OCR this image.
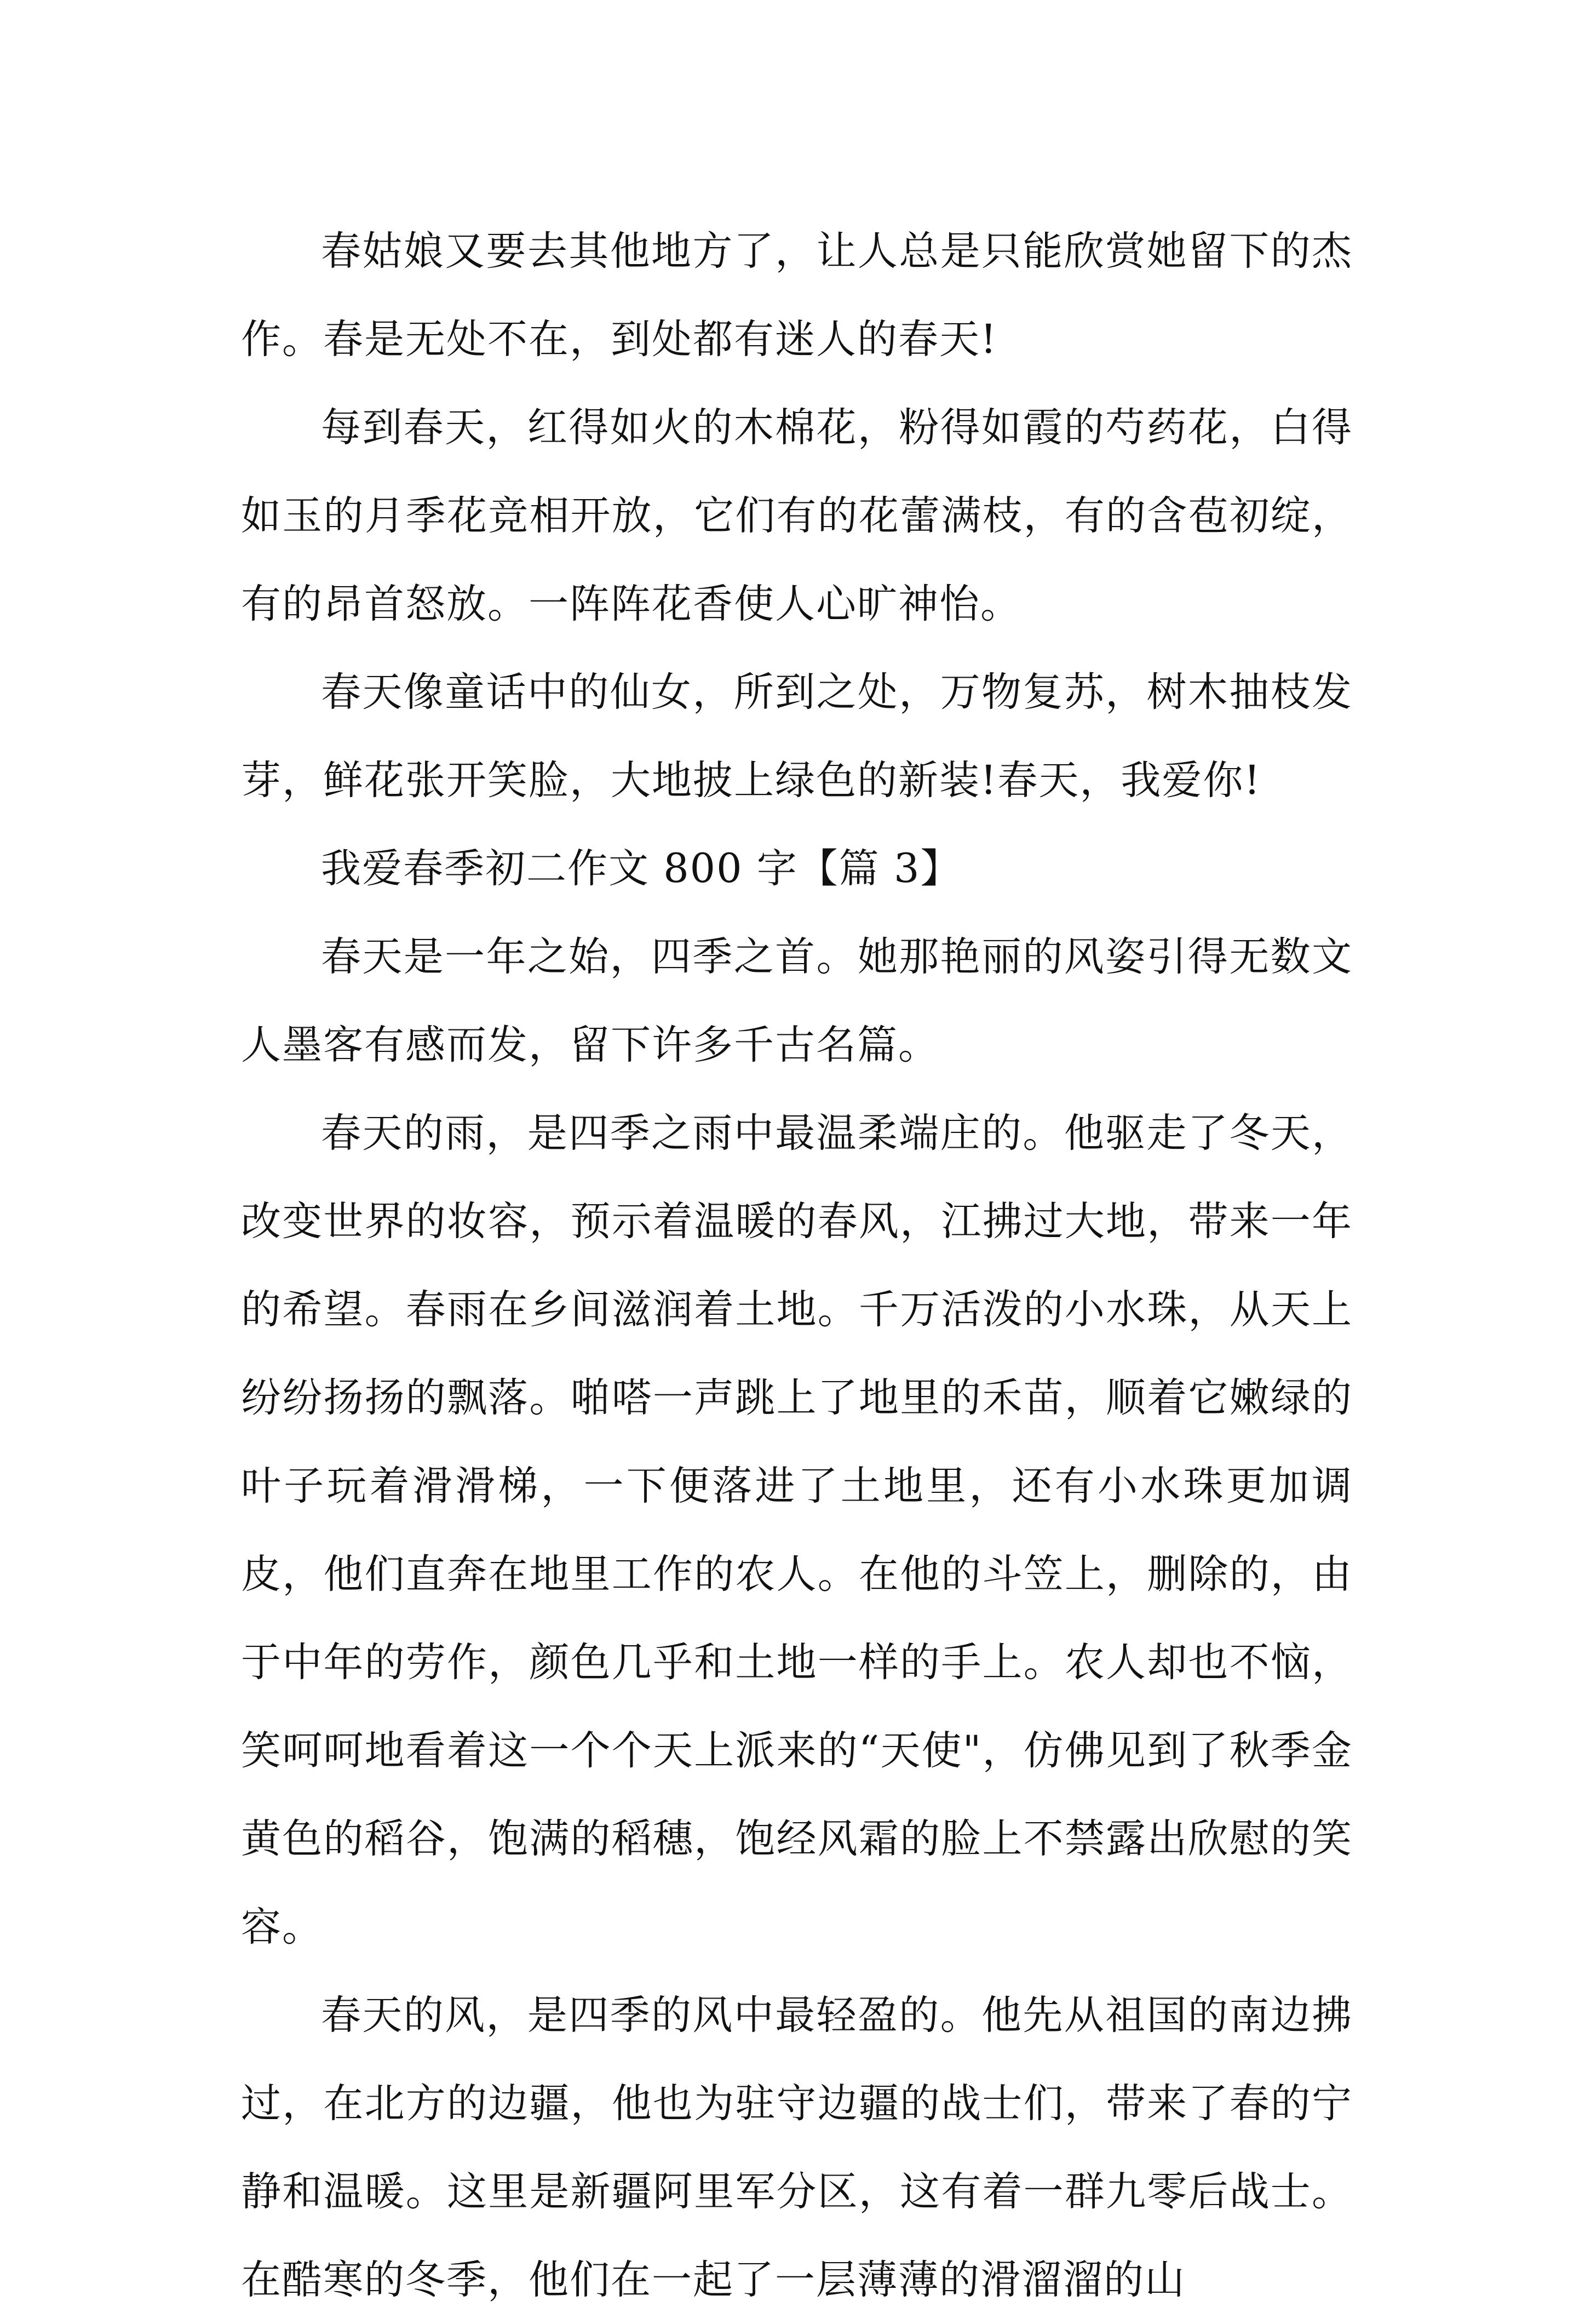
春姑娘又要去其他地方了，让人总是只能欣赏她留下的杰作。春是无处不在，到处都有迷人的春天!

每到春天，红得如火的木棉花，粉得如霞的芍药花，白得如玉的月季花竞相开放，它们有的花蕾满枝，有的含苞初绽，有的昂首怒放。一阵阵花香使人心旷神怡。

春天像童话中的仙女，所到之处，万物复苏，树木抽枝发芽，鲜花张开笑脸，大地披上绿色的新装!春天，我爱你!

我爱春季初二作文 800 字【篇 3】

春天是一年之始，四季之首。她那艳丽的风姿引得无数文人墨客有感而发，留下许多千古名篇。

春天的雨，是四季之雨中最温柔端庄的。他驱走了冬天，改变世界的妆容，预示着温暖的春风，江拂过大地，带来一年的希望。春雨在乡间滋润着土地。千万活泼的小水珠，从天上纷纷扬扬的飘落。啪嗒一声跳上了地里的禾苗，顺着它嫩绿的叶子玩着滑滑梯，一下便落进了土地里，还有小水珠更加调皮，他们直奔在地里工作的农人。在他的斗笠上，删除的，由于中年的劳作，颜色几乎和土地一样的手上。农人却也不恼，笑呵呵地看着这一个个天上派来的“天使"，仿佛见到了秋季金黄色的稻谷，饱满的稻穗，饱经风霜的脸上不禁露出欣慰的笑容。

春天的风，是四季的风中最轻盈的。他先从祖国的南边拂过，在北方的边疆，他也为驻守边疆的战士们，带来了春的宁静和温暖。这里是新疆阿里军分区，这有着一群九零后战士。在酷寒的冬季，他们在一起了一层薄薄的滑溜溜的山
